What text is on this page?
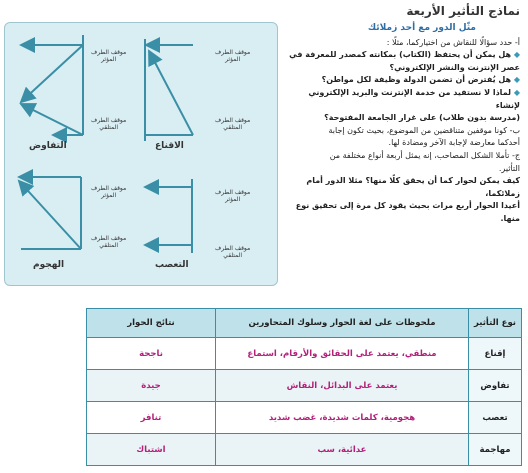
نماذج التأثير الأربعة
موقف الطرف
المؤثر
موقف الطرف
المتلقي
التفاوض
موقف الطرف
المؤثر
موقف الطرف
المتلقي
الاقناع
موقف الطرف
المؤثر
موقف الطرف
المتلقي
الهجوم
موقف الطرف
المؤثر
موقف الطرف
المتلقي
التعصب
مثّل الدور مع أحد زملائك

أ- حدد سؤالًا للنقاش من اختياركما، مثلًا :

◆ هل يمكن أن يحتفظ (الكتاب) بمكانته كمصدر للمعرفة في

عصر الإنترنت والنشر الإلكتروني؟

◆ هل يُفترض أن تضمن الدولة وظيفة لكل مواطن؟

◆ لماذا لا نستفيد من خدمة الإنترنت والبريد الإلكتروني لإنشاء

(مدرسة بدون طلاب) على غرار الجامعة المفتوحة؟

ب- كونا موقفين متناقضين من الموضوع، بحيث تكون إجابة

أحدكما معارضة لإجابة الآخر ومضادة لها.

ج- تأملا الشكل المصاحب، إنه يمثل أربعة أنواع مختلفة من

التأثير.

كيف يمكن لحوار كما أن يحقق كلًا منها؟ مثلا الدور أمام زملائكما،

أعيدا الحوار أربع مرات بحيث يقود كل مرة إلى تحقيق نوع منها.

نوع التأثير	ملحوظات على لغة الحوار وسلوك المتحاورين	نتائج الحوار
إقناع	منطقي، يعتمد على الحقائق والأرقام، استماع	ناجحة
تفاوض	يعتمد على البدائل، النقاش	جيدة
تعصب	هجومية، كلمات شديدة، غضب شديد	تنافر
مهاجمة	عدائية، سب	اشتباك
